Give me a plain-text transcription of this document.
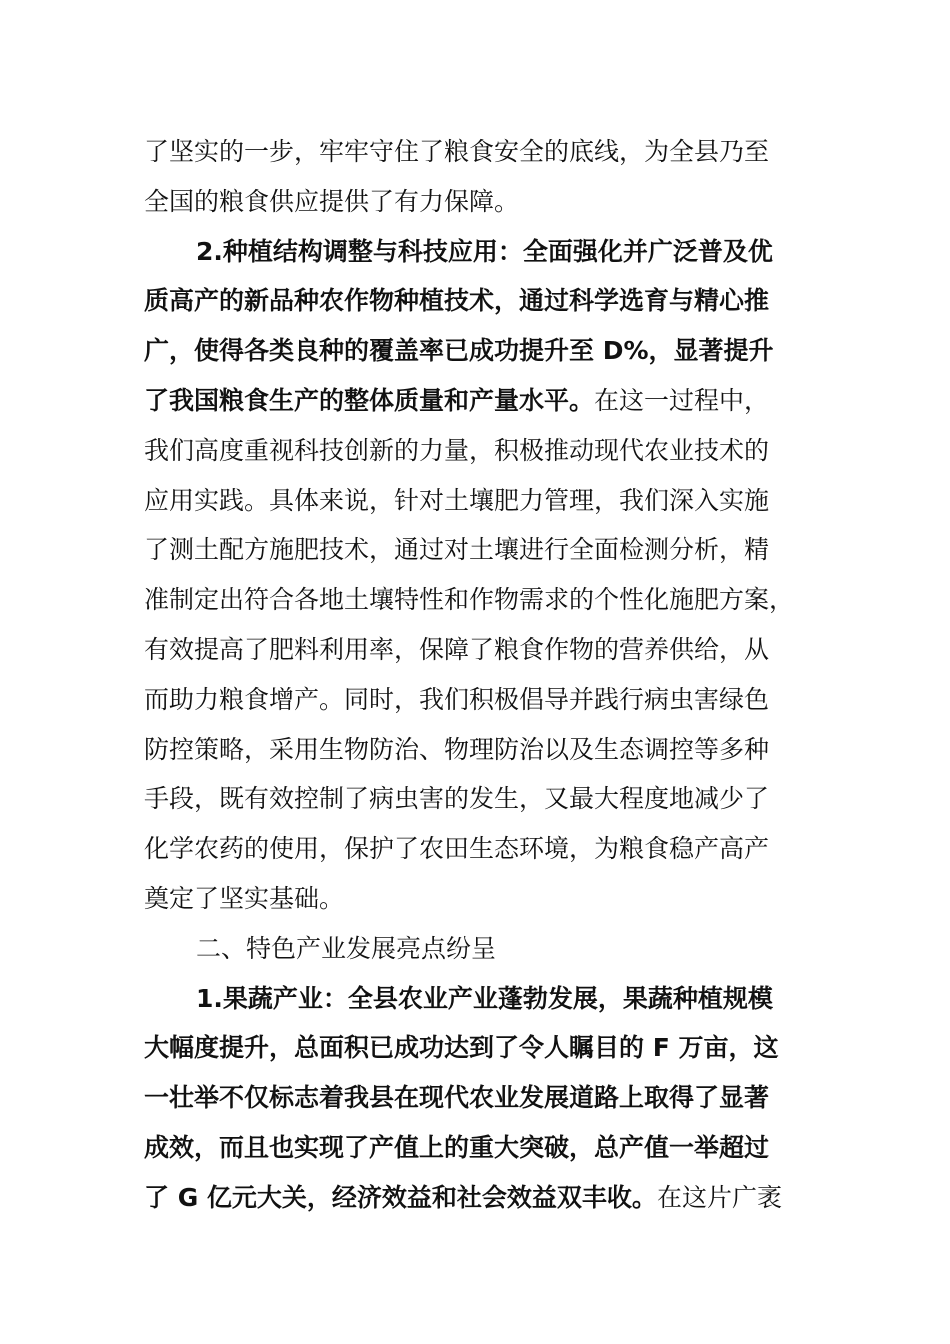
了坚实的一步，牢牢守住了粮食安全的底线，为全县乃至
全国的粮食供应提供了有力保障。
2.种植结构调整与科技应用：全面强化并广泛普及优
质高产的新品种农作物种植技术，通过科学选育与精心推
广，使得各类良种的覆盖率已成功提升至 D%，显著提升
了我国粮食生产的整体质量和产量水平。在这一过程中，
我们高度重视科技创新的力量，积极推动现代农业技术的
应用实践。具体来说，针对土壤肥力管理，我们深入实施
了测土配方施肥技术，通过对土壤进行全面检测分析，精
准制定出符合各地土壤特性和作物需求的个性化施肥方案，
有效提高了肥料利用率，保障了粮食作物的营养供给，从
而助力粮食增产。同时，我们积极倡导并践行病虫害绿色
防控策略，采用生物防治、物理防治以及生态调控等多种
手段，既有效控制了病虫害的发生，又最大程度地减少了
化学农药的使用，保护了农田生态环境，为粮食稳产高产
奠定了坚实基础。
二、特色产业发展亮点纷呈
1.果蔬产业：全县农业产业蓬勃发展，果蔬种植规模
大幅度提升，总面积已成功达到了令人瞩目的 F 万亩，这
一壮举不仅标志着我县在现代农业发展道路上取得了显著
成效，而且也实现了产值上的重大突破，总产值一举超过
了 G 亿元大关，经济效益和社会效益双丰收。在这片广袤
